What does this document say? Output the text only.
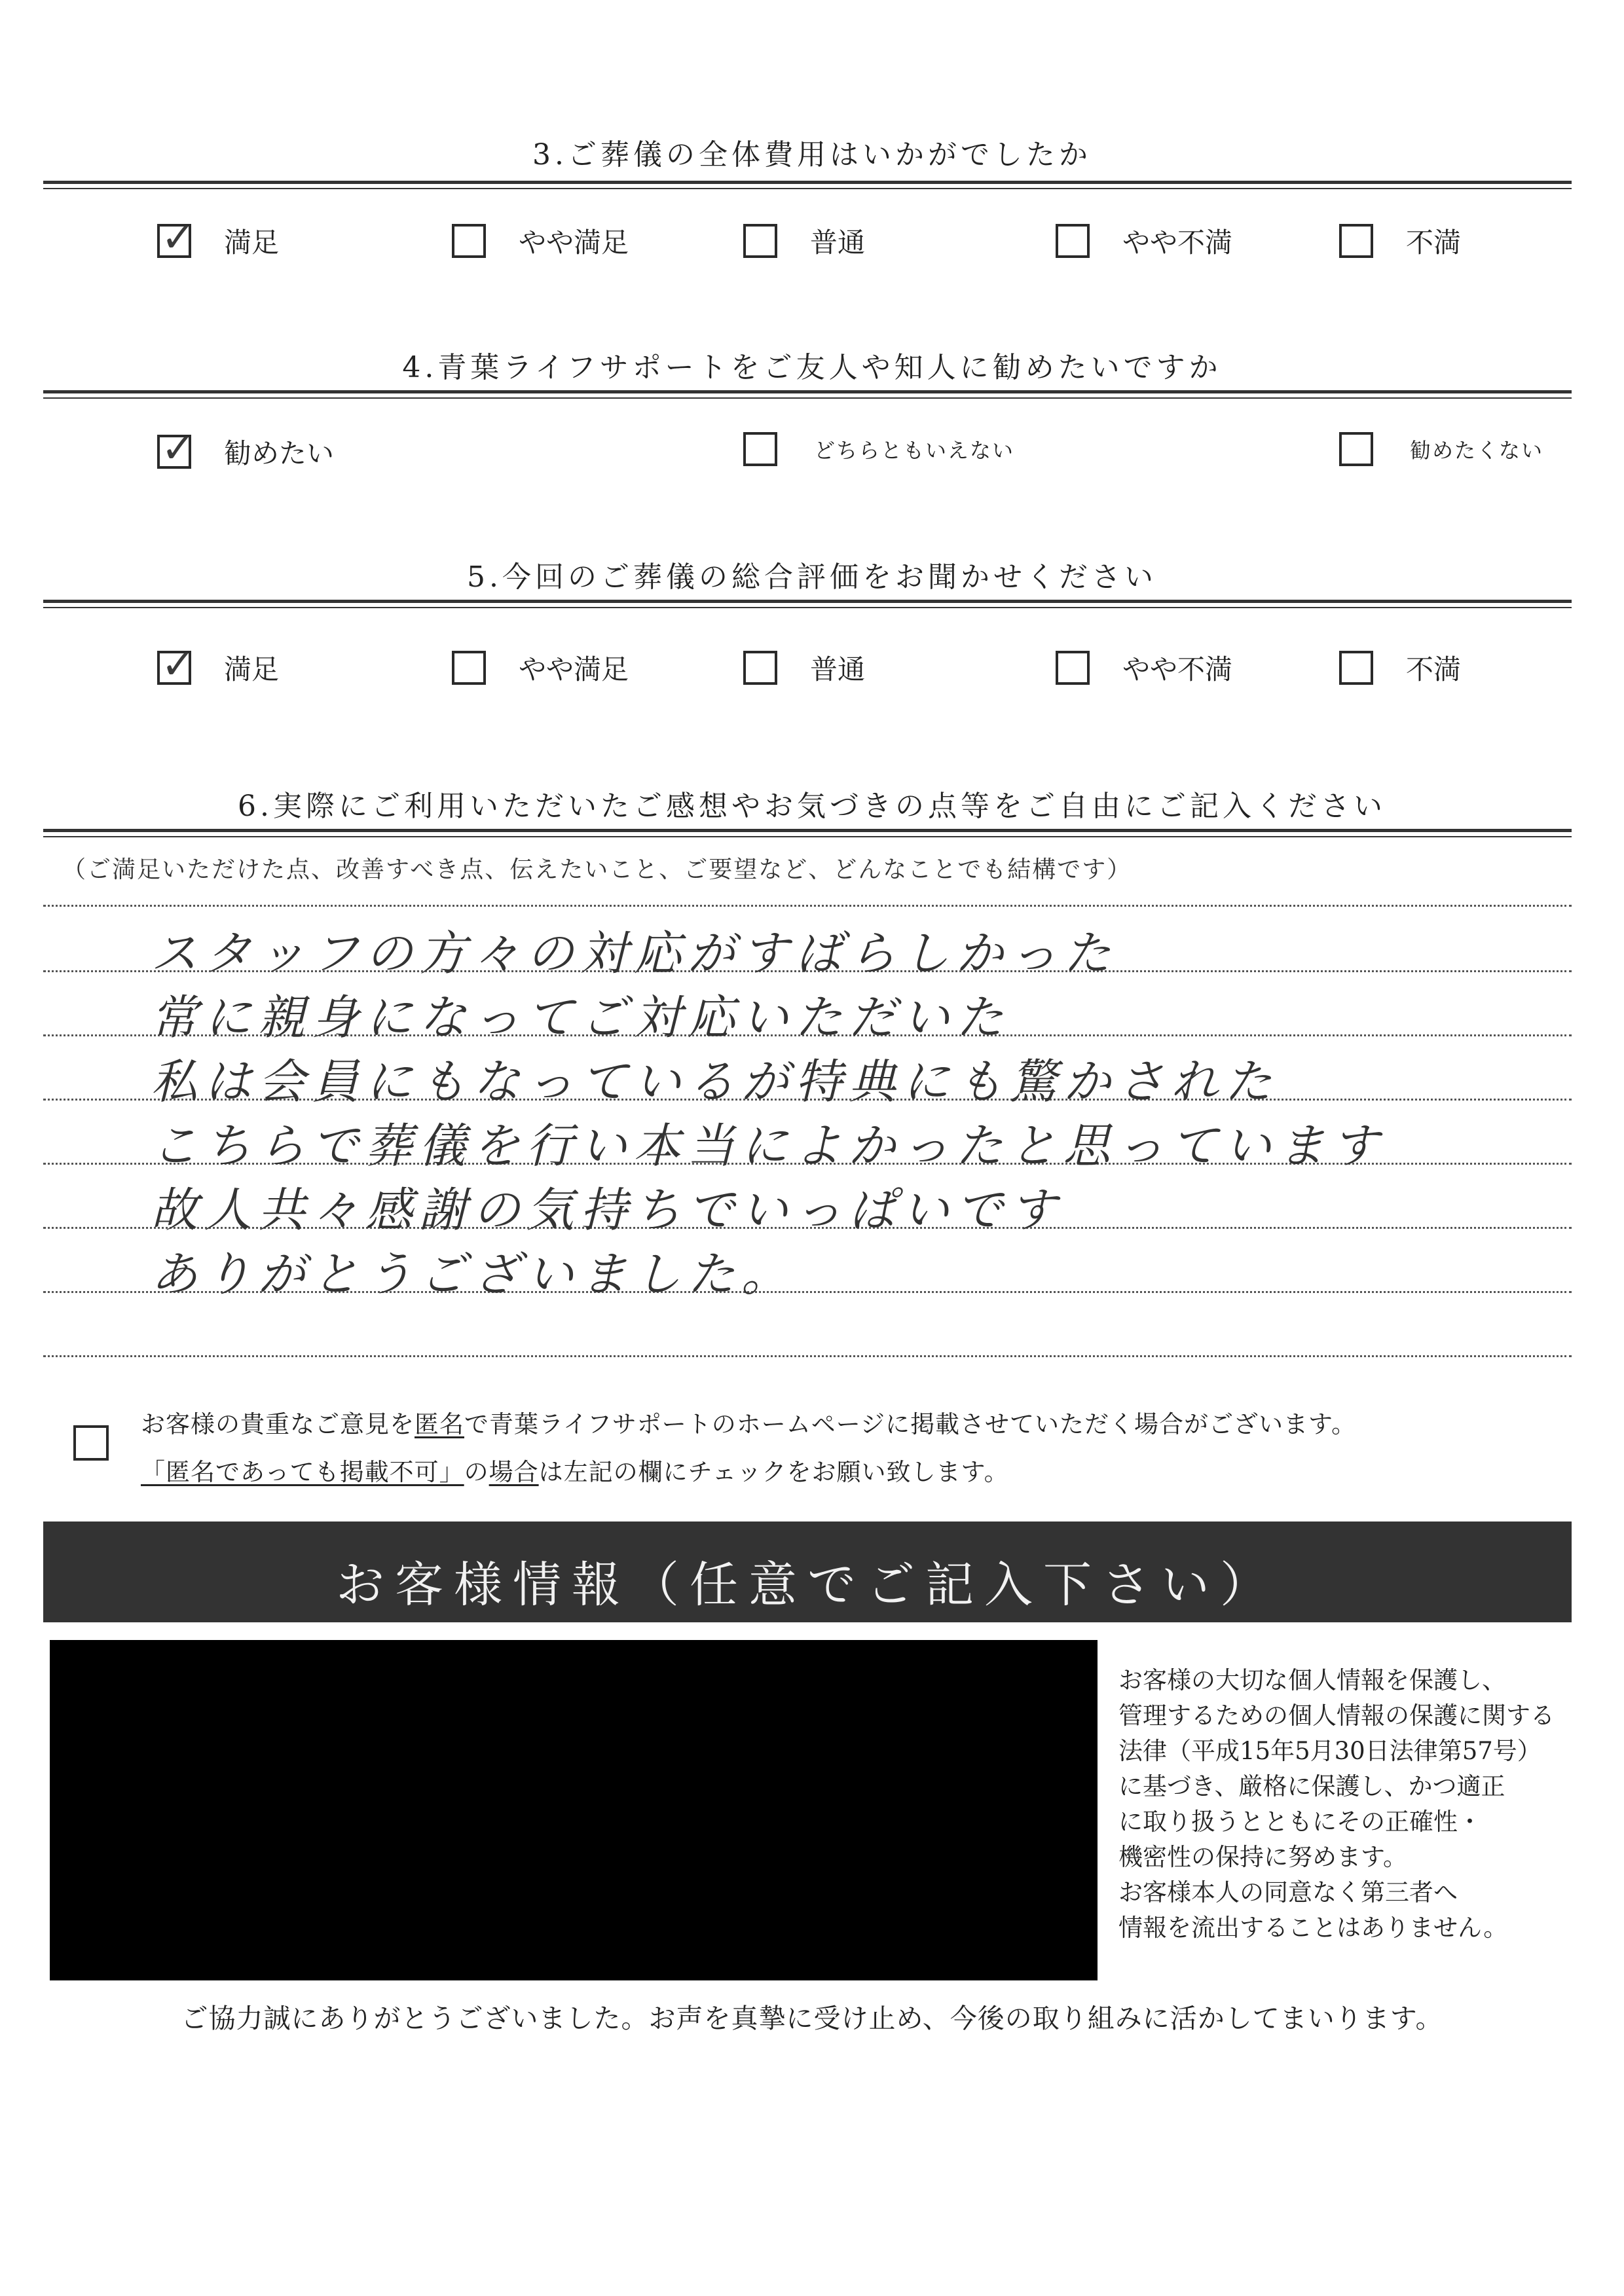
3.ご葬儀の全体費用はいかがでしたか
✓ 満足	やや満足	普通	やや不満	不満
4.青葉ライフサポートをご友人や知人に勧めたいですか
✓ 勧めたい	どちらともいえない	勧めたくない
5.今回のご葬儀の総合評価をお聞かせください
✓ 満足	やや満足	普通	やや不満	不満
6.実際にご利用いただいたご感想やお気づきの点等をご自由にご記入ください
（ご満足いただけた点、改善すべき点、伝えたいこと、ご要望など、どんなことでも結構です）
スタッフの方々の対応がすばらしかった
常に親身になってご対応いただいた
私は会員にもなっているが特典にも驚かされた
こちらで葬儀を行い本当によかったと思っています
故人共々感謝の気持ちでいっぱいです
ありがとうございました。
お客様の貴重なご意見を匿名で青葉ライフサポートのホームページに掲載させていただく場合がございます。
「匿名であっても掲載不可」の場合は左記の欄にチェックをお願い致します。
お客様情報（任意でご記入下さい）
お客様の大切な個人情報を保護し、
管理するための個人情報の保護に関する
法律（平成15年5月30日法律第57号）
に基づき、厳格に保護し、かつ適正
に取り扱うとともにその正確性・
機密性の保持に努めます。
お客様本人の同意なく第三者へ
情報を流出することはありません。
ご協力誠にありがとうございました。お声を真摯に受け止め、今後の取り組みに活かしてまいります。
